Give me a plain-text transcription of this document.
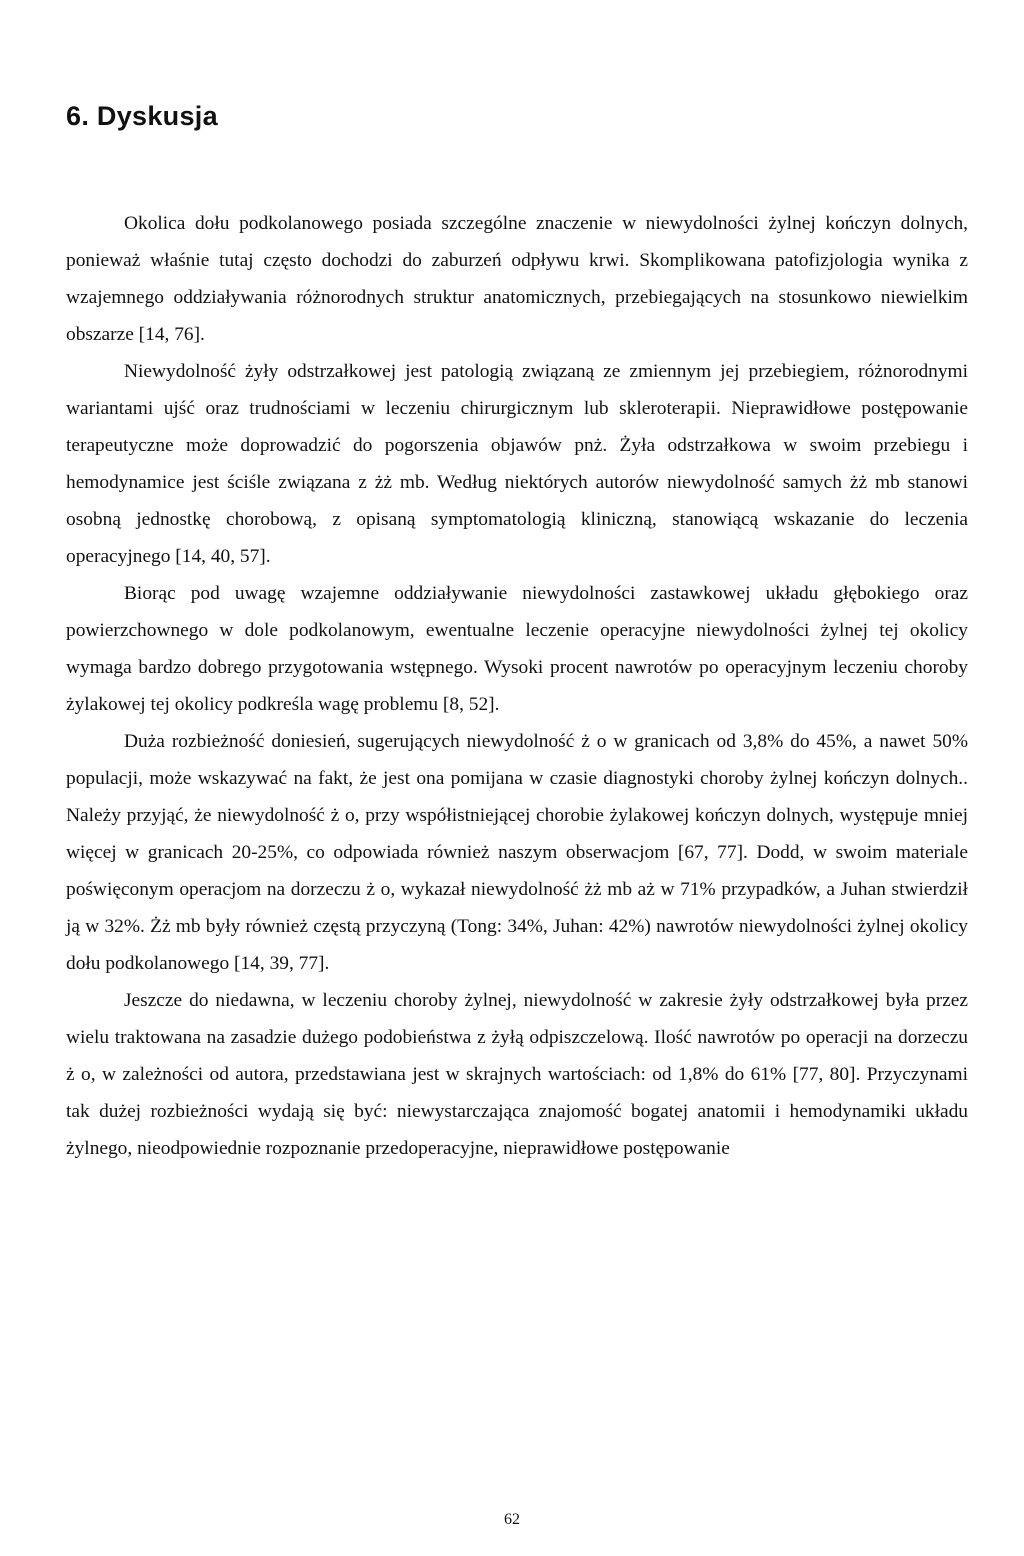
6. Dyskusja

Okolica dołu podkolanowego posiada szczególne znaczenie w niewydolności żylnej kończyn dolnych, ponieważ właśnie tutaj często dochodzi do zaburzeń odpływu krwi. Skomplikowana patofizjologia wynika z wzajemnego oddziaływania różnorodnych struktur anatomicznych, przebiegających na stosunkowo niewielkim obszarze [14, 76].

Niewydolność żyły odstrzałkowej jest patologią związaną ze zmiennym jej przebiegiem, różnorodnymi wariantami ujść oraz trudnościami w leczeniu chirurgicznym lub skleroterapii. Nieprawidłowe postępowanie terapeutyczne może doprowadzić do pogorszenia objawów pnż. Żyła odstrzałkowa w swoim przebiegu i hemodynamice jest ściśle związana z żż mb. Według niektórych autorów niewydolność samych żż mb stanowi osobną jednostkę chorobową, z opisaną symptomatologią kliniczną, stanowiącą wskazanie do leczenia operacyjnego [14, 40, 57].

Biorąc pod uwagę wzajemne oddziaływanie niewydolności zastawkowej układu głębokiego oraz powierzchownego w dole podkolanowym, ewentualne leczenie operacyjne niewydolności żylnej tej okolicy wymaga bardzo dobrego przygotowania wstępnego. Wysoki procent nawrotów po operacyjnym leczeniu choroby żylakowej tej okolicy podkreśla wagę problemu [8, 52].

Duża rozbieżność doniesień, sugerujących niewydolność ż o w granicach od 3,8% do 45%, a nawet 50% populacji, może wskazywać na fakt, że jest ona pomijana w czasie diagnostyki choroby żylnej kończyn dolnych.. Należy przyjąć, że niewydolność ż o, przy współistniejącej chorobie żylakowej kończyn dolnych, występuje mniej więcej w granicach 20-25%, co odpowiada również naszym obserwacjom [67, 77]. Dodd, w swoim materiale poświęconym operacjom na dorzeczu ż o, wykazał niewydolność żż mb aż w 71% przypadków, a Juhan stwierdził ją w 32%. Żż mb były również częstą przyczyną (Tong: 34%, Juhan: 42%) nawrotów niewydolności żylnej okolicy dołu podkolanowego [14, 39, 77].

Jeszcze do niedawna, w leczeniu choroby żylnej, niewydolność w zakresie żyły odstrzałkowej była przez wielu traktowana na zasadzie dużego podobieństwa z żyłą odpiszczelową. Ilość nawrotów po operacji na dorzeczu ż o, w zależności od autora, przedstawiana jest w skrajnych wartościach: od 1,8% do 61% [77, 80]. Przyczynami tak dużej rozbieżności wydają się być: niewystarczająca znajomość bogatej anatomii i hemodynamiki układu żylnego, nieodpowiednie rozpoznanie przedoperacyjne, nieprawidłowe postępowanie

62
